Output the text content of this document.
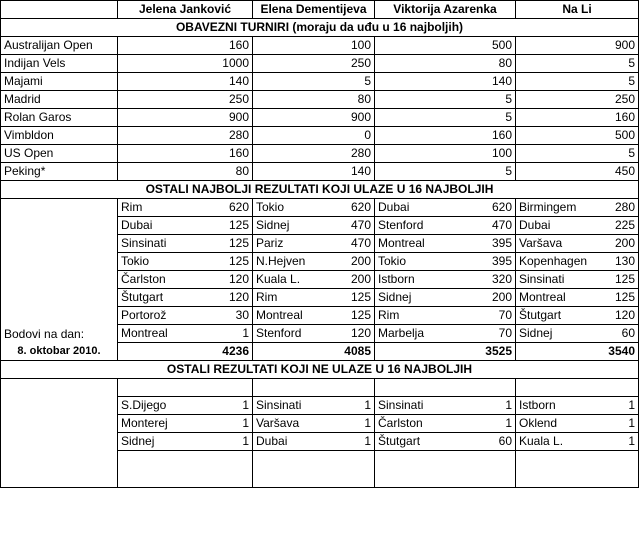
	Jelena Janković	Elena Dementijeva	Viktorija Azarenka	Na Li
OBAVEZNI TURNIRI (moraju da uđu u 16 najboljih)				
Australijan Open	160	100	500	900
Indijan Vels	1000	250	80	5
Majami	140	5	140	5
Madrid	250	80	5	250
Rolan Garos	900	900	5	160
Vimbldon	280	0	160	500
US Open	160	280	100	5
Peking*	80	140	5	450
OSTALI NAJBOLJI REZULTATI KOJI ULAZE U 16 NAJBOLJIH				
Bodovi na dan:
8. oktobar 2010.	Rim 620	Tokio 620	Dubai 620	Birmingem 280

	Dubai 125	Sidnej 470	Stenford 470	Dubai 225

	Sinsinati 125	Pariz 470	Montreal 395	Varšava 200

	Tokio 125	N.Hejven 200	Tokio 395	Kopenhagen 130

	Čarlston 120	Kuala L. 200	Istborn 320	Sinsinati 125

	Štutgart 120	Rim 125	Sidnej 200	Montreal 125

	Portorož 30	Montreal 125	Rim 70	Štutgart 120

	Montreal 1	Stenford 120	Marbelja 70	Sidnej 60

	4236	4085	3525	3540
OSTALI REZULTATI KOJI NE ULAZE U 16 NAJBOLJIH				

	S.Dijego 1	Sinsinati 1	Sinsinati 1	Istborn 1

	Monterej 1	Varšava 1	Čarlston 1	Oklend 1

	Sidnej 1	Dubai 1	Štutgart 60	Kuala L. 1
